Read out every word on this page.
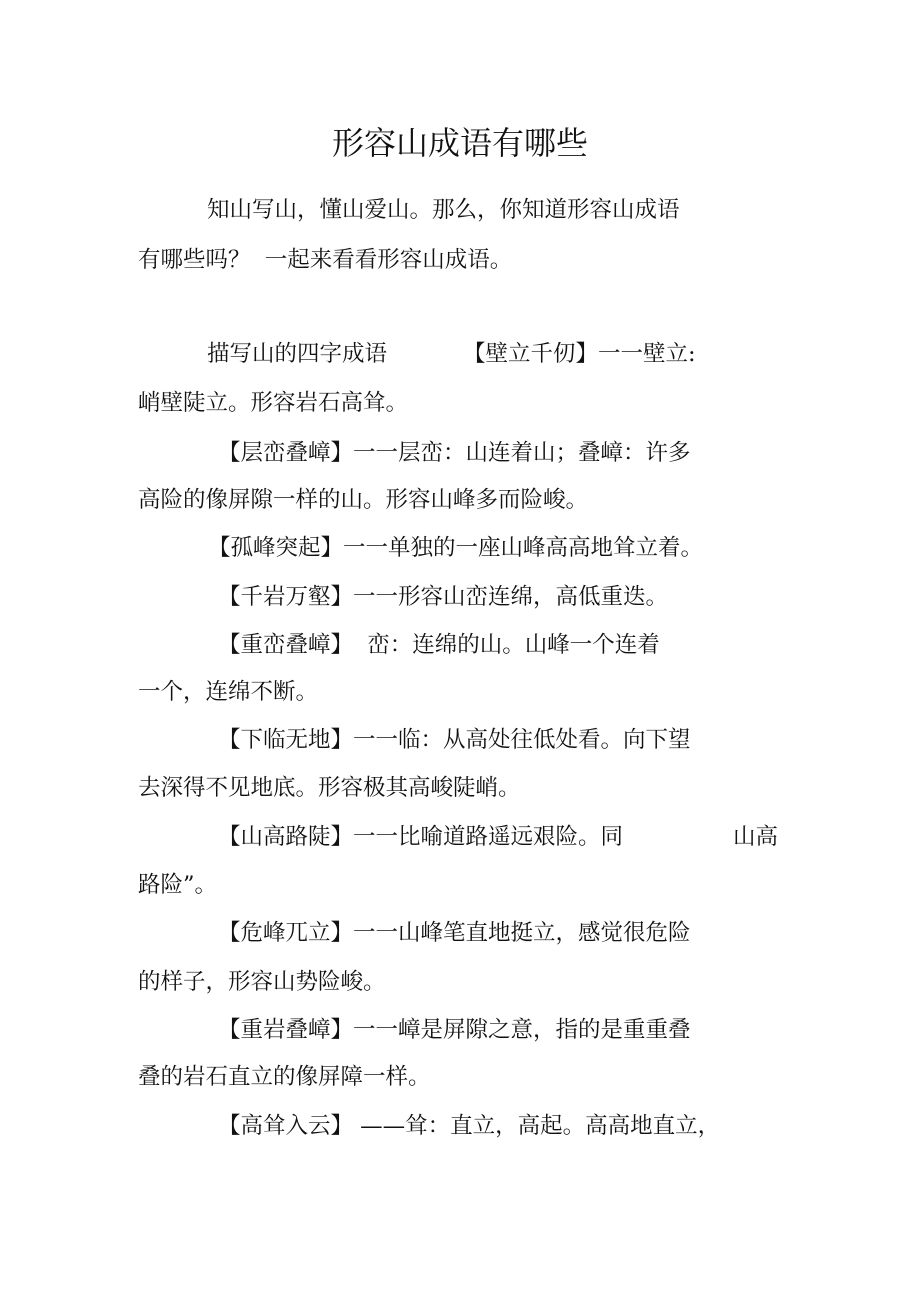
形容山成语有哪些
知山写山，懂山爱山。那么，你知道形容山成语
有哪些吗？  一起来看看形容山成语。
描写山的四字成语	【壁立千仞】一一壁立:
峭壁陡立。形容岩石高耸。
【层峦叠嶂】一一层峦：山连着山；叠嶂：许多
高险的像屏隙一样的山。形容山峰多而险峻。
【孤峰突起】一一单独的一座山峰高高地耸立着。
【千岩万壑】一一形容山峦连绵，高低重迭。
【重峦叠嶂】  峦：连绵的山。山峰一个连着
一个，连绵不断。
【下临无地】一一临：从高处往低处看。向下望
去深得不见地底。形容极其高峻陡峭。
【山高路陡】一一比喻道路遥远艰险。同	山高
路险”。
【危峰兀立】一一山峰笔直地挺立，感觉很危险
的样子，形容山势险峻。
【重岩叠嶂】一一嶂是屏隙之意，指的是重重叠
叠的岩石直立的像屏障一样。
【高耸入云】 ——耸：直立，高起。高高地直立，
